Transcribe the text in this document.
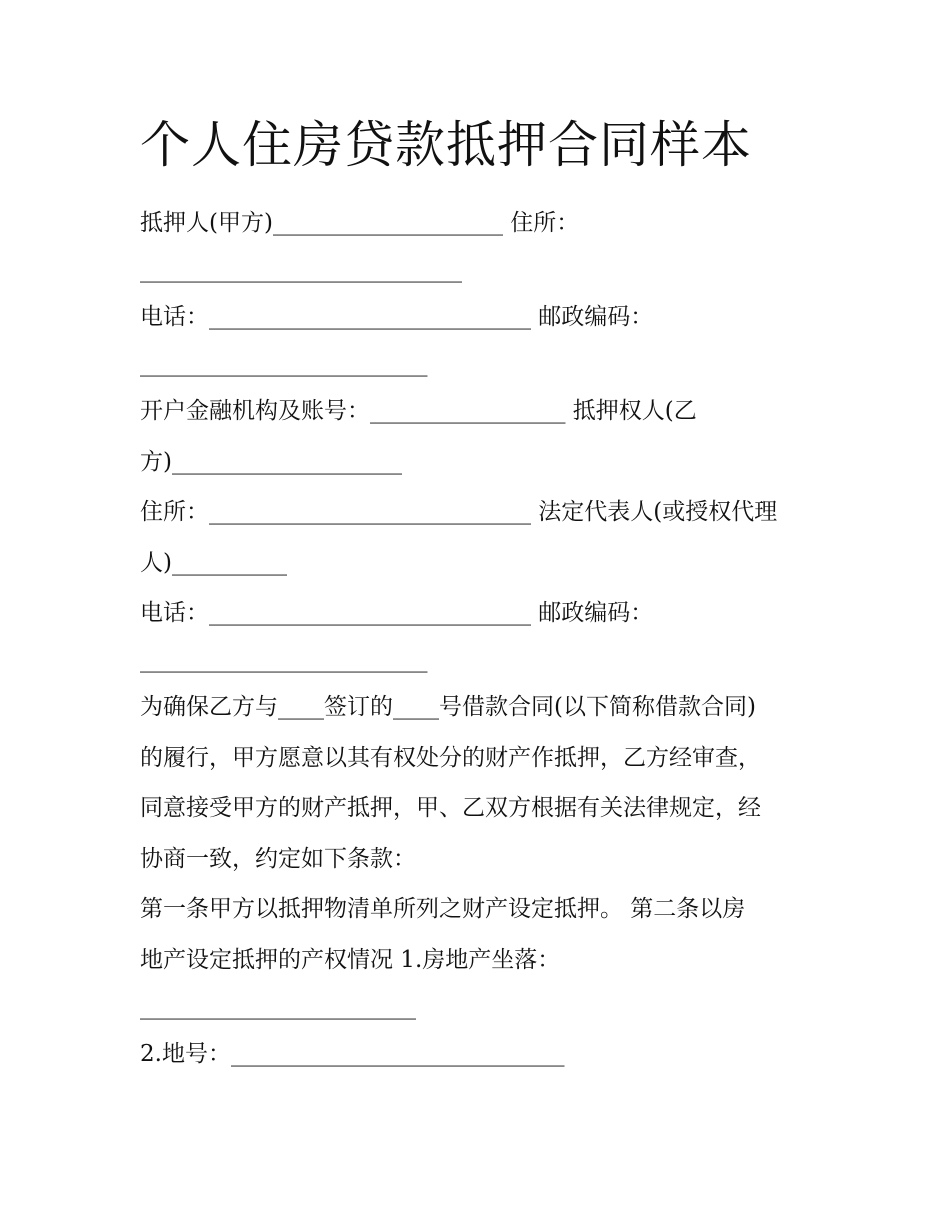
个人住房贷款抵押合同样本

抵押人(甲方)____________________ 住所：

____________________________

电话：____________________________ 邮政编码：

_________________________

开户金融机构及账号：_________________ 抵押权人(乙

方)____________________

住所：____________________________ 法定代表人(或授权代理

人)__________

电话：____________________________ 邮政编码：

_________________________

为确保乙方与____签订的____号借款合同(以下简称借款合同)

的履行，甲方愿意以其有权处分的财产作抵押，乙方经审查，

同意接受甲方的财产抵押，甲、乙双方根据有关法律规定，经

协商一致，约定如下条款：

第一条甲方以抵押物清单所列之财产设定抵押。 第二条以房

地产设定抵押的产权情况 1.房地产坐落：

________________________

2.地号：_____________________________
